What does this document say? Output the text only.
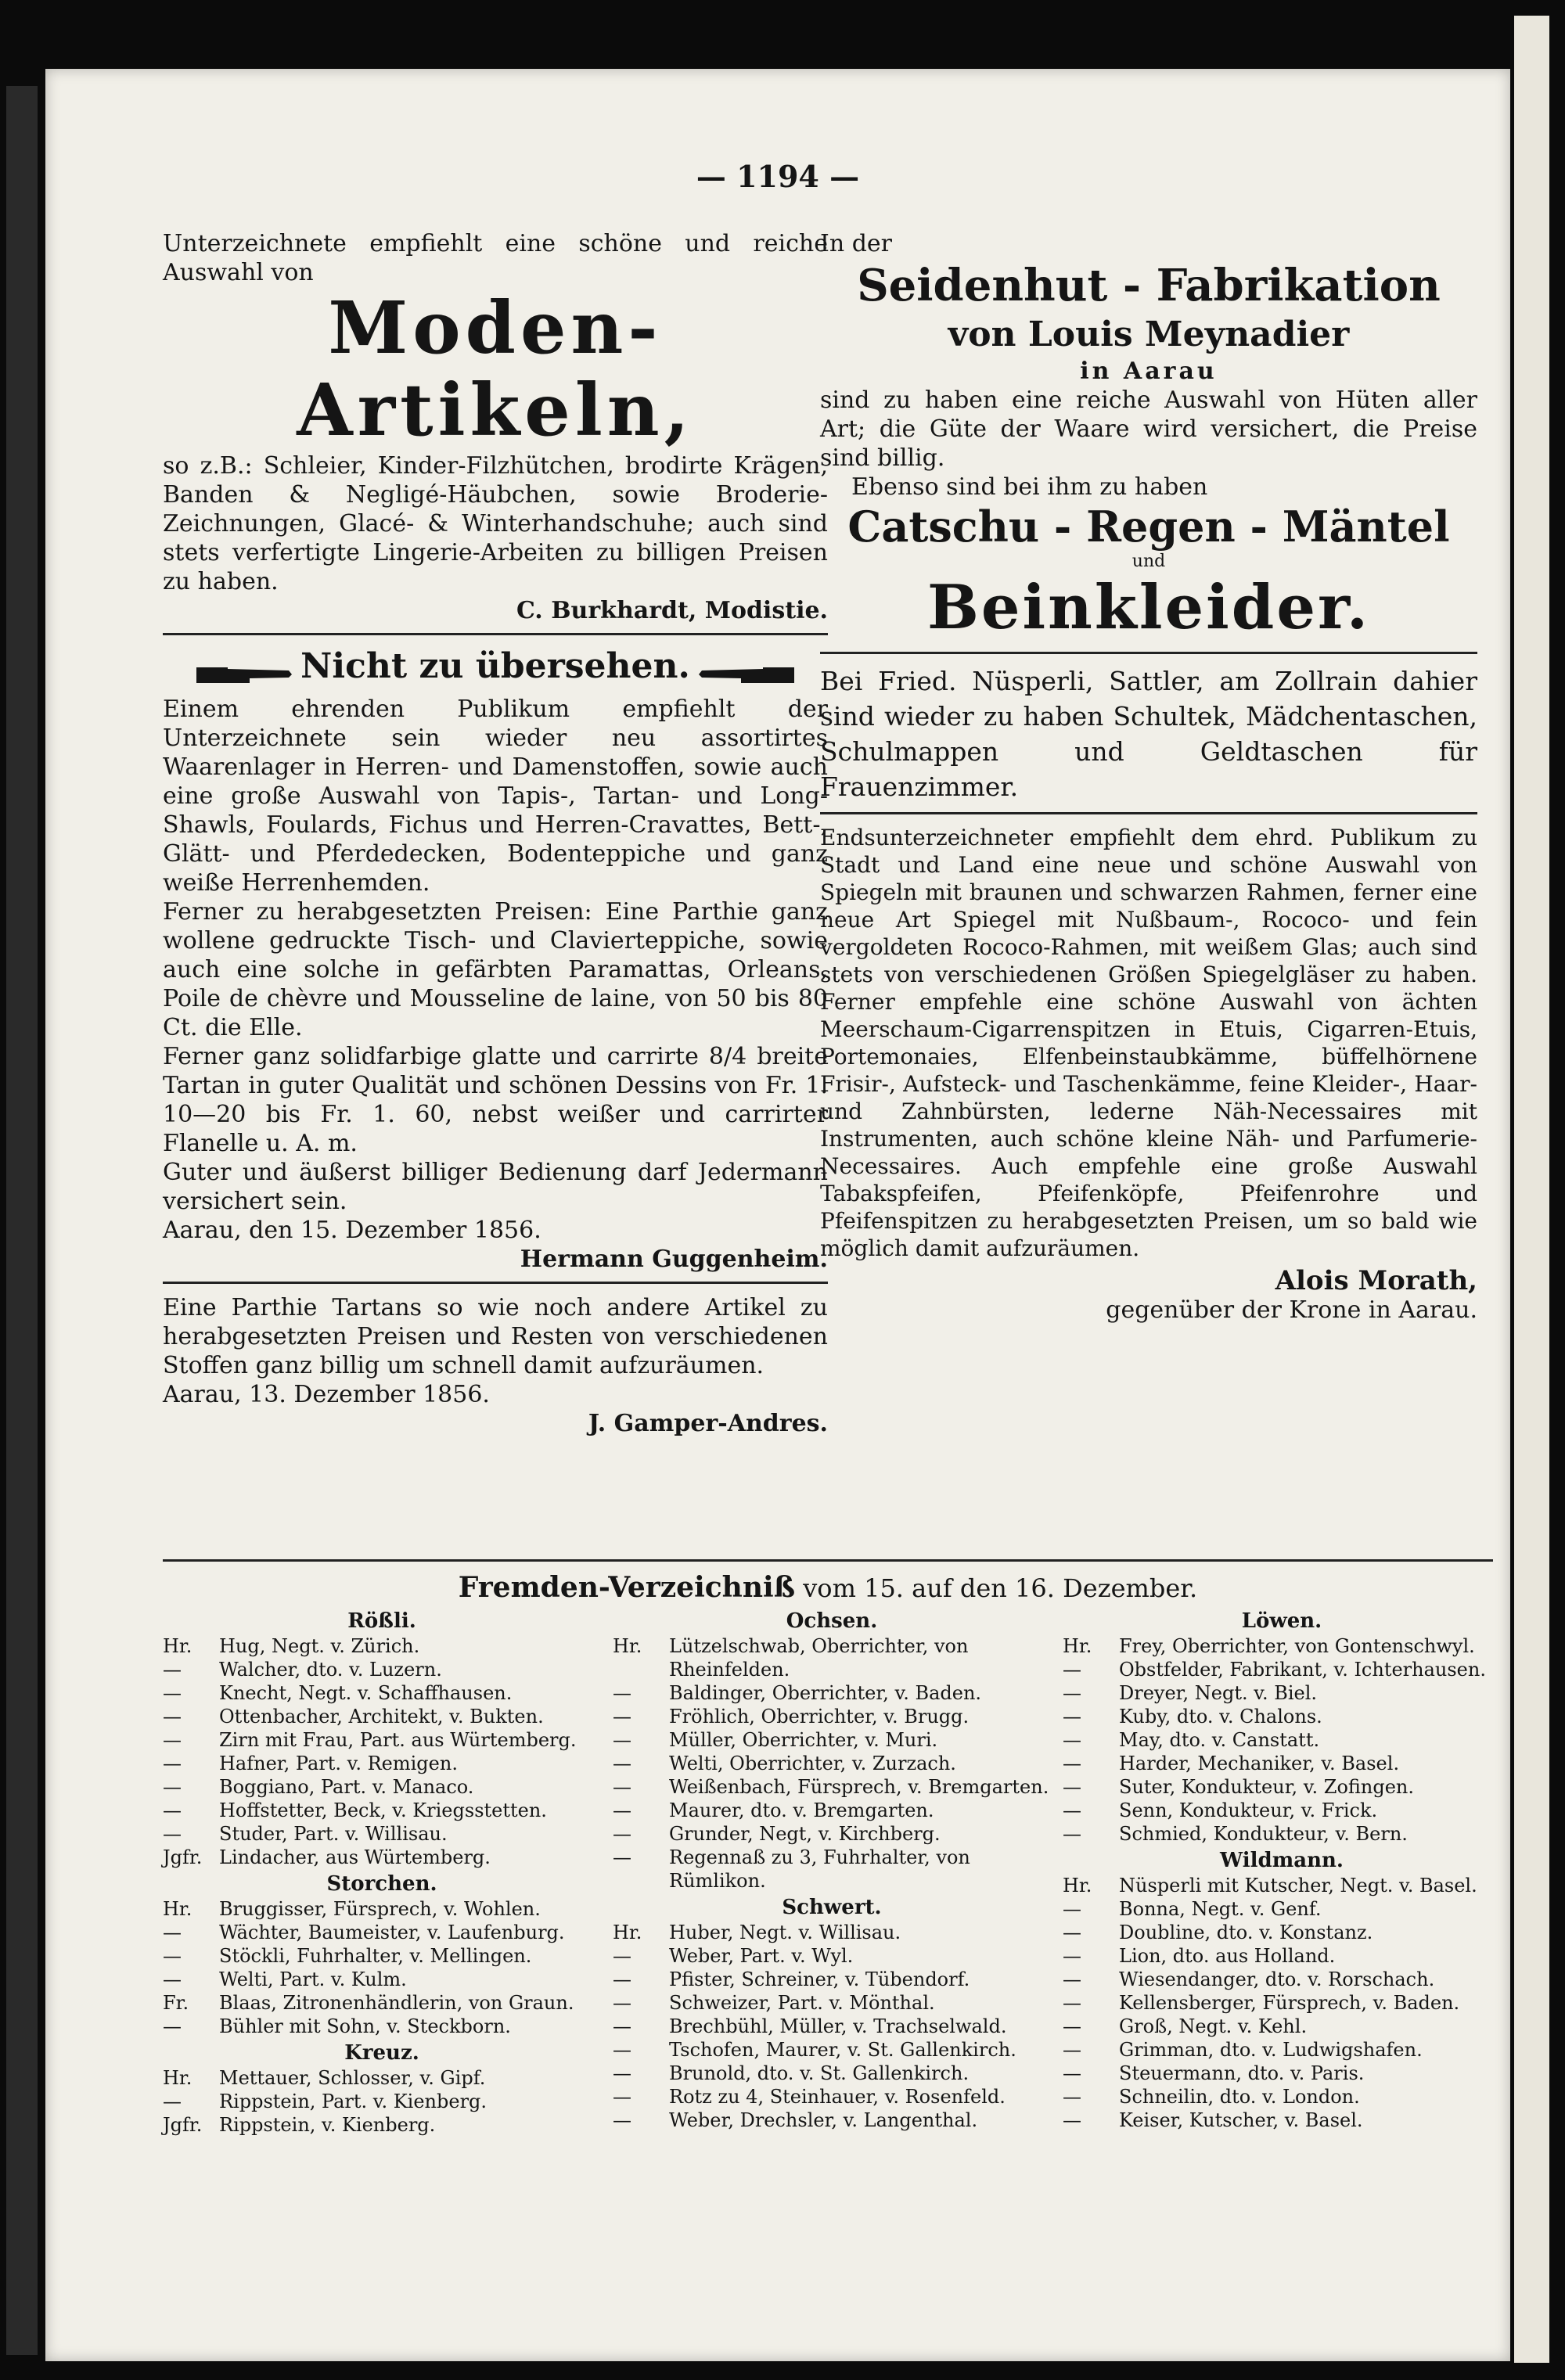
— 1194 —

Unterzeichnete empfiehlt eine schöne und reiche Auswahl von

Moden-Artikeln,

so z.B.: Schleier, Kinder-Filzhütchen, brodirte Krägen, Banden & Negligé-Häubchen, sowie Broderie-Zeichnungen, Glacé- & Winterhandschuhe; auch sind stets verfertigte Lingerie-Arbeiten zu billigen Preisen zu haben.

C. Burkhardt, Modistie.

Nicht zu übersehen.

Einem ehrenden Publikum empfiehlt der Unterzeichnete sein wieder neu assortirtes Waarenlager in Herren- und Damenstoffen, sowie auch eine große Auswahl von Tapis-, Tartan- und Long-Shawls, Foulards, Fichus und Herren-Cravattes, Bett-, Glätt- und Pferdedecken, Bodenteppiche und ganz weiße Herrenhemden.

Ferner zu herabgesetzten Preisen: Eine Parthie ganz wollene gedruckte Tisch- und Clavierteppiche, sowie auch eine solche in gefärbten Paramattas, Orleans, Poile de chèvre und Mousseline de laine, von 50 bis 80 Ct. die Elle.

Ferner ganz solidfarbige glatte und carrirte 8/4 breite Tartan in guter Qualität und schönen Dessins von Fr. 1. 10—20 bis Fr. 1. 60, nebst weißer und carrirter Flanelle u. A. m.

Guter und äußerst billiger Bedienung darf Jedermann versichert sein.

Aarau, den 15. Dezember 1856.

Hermann Guggenheim.

Eine Parthie Tartans so wie noch andere Artikel zu herabgesetzten Preisen und Resten von verschiedenen Stoffen ganz billig um schnell damit aufzuräumen.

Aarau, 13. Dezember 1856.

J. Gamper-Andres.

In der

Seidenhut - Fabrikation
von Louis Meynadier

in Aarau

sind zu haben eine reiche Auswahl von Hüten aller Art; die Güte der Waare wird versichert, die Preise sind billig.

Ebenso sind bei ihm zu haben

Catschu - Regen - Mäntel

und

Beinkleider.

Bei Fried. Nüsperli, Sattler, am Zollrain dahier sind wieder zu haben Schultek, Mädchentaschen, Schulmappen und Geldtaschen für Frauenzimmer.

Endsunterzeichneter empfiehlt dem ehrd. Publikum zu Stadt und Land eine neue und schöne Auswahl von Spiegeln mit braunen und schwarzen Rahmen, ferner eine neue Art Spiegel mit Nußbaum-, Rococo- und fein vergoldeten Rococo-Rahmen, mit weißem Glas; auch sind stets von verschiedenen Größen Spiegelgläser zu haben. Ferner empfehle eine schöne Auswahl von ächten Meerschaum-Cigarrenspitzen in Etuis, Cigarren-Etuis, Portemonaies, Elfenbeinstaubkämme, büffelhörnene Frisir-, Aufsteck- und Taschenkämme, feine Kleider-, Haar- und Zahnbürsten, lederne Näh-Necessaires mit Instrumenten, auch schöne kleine Näh- und Parfumerie-Necessaires. Auch empfehle eine große Auswahl Tabakspfeifen, Pfeifenköpfe, Pfeifenrohre und Pfeifenspitzen zu herabgesetzten Preisen, um so bald wie möglich damit aufzuräumen.

Alois Morath,

gegenüber der Krone in Aarau.

Fremden-Verzeichniß vom 15. auf den 16. Dezember.
Rößli.
Hr. Hug, Negt. v. Zürich.
— Walcher, dto. v. Luzern.
— Knecht, Negt. v. Schaffhausen.
— Ottenbacher, Architekt, v. Bukten.
— Zirn mit Frau, Part. aus Würtemberg.
— Hafner, Part. v. Remigen.
— Boggiano, Part. v. Manaco.
— Hoffstetter, Beck, v. Kriegsstetten.
— Studer, Part. v. Willisau.
Jgfr. Lindacher, aus Würtemberg.
Storchen.
Hr. Bruggisser, Fürsprech, v. Wohlen.
— Wächter, Baumeister, v. Laufenburg.
— Stöckli, Fuhrhalter, v. Mellingen.
— Welti, Part. v. Kulm.
Fr. Blaas, Zitronenhändlerin, von Graun.
— Bühler mit Sohn, v. Steckborn.
Kreuz.
Hr. Mettauer, Schlosser, v. Gipf.
— Rippstein, Part. v. Kienberg.
Jgfr. Rippstein, v. Kienberg.
Ochsen.
Hr. Lützelschwab, Oberrichter, von Rheinfelden.
— Baldinger, Oberrichter, v. Baden.
— Fröhlich, Oberrichter, v. Brugg.
— Müller, Oberrichter, v. Muri.
— Welti, Oberrichter, v. Zurzach.
— Weißenbach, Fürsprech, v. Bremgarten.
— Maurer, dto. v. Bremgarten.
— Grunder, Negt, v. Kirchberg.
— Regennaß zu 3, Fuhrhalter, von Rümlikon.
Schwert.
Hr. Huber, Negt. v. Willisau.
— Weber, Part. v. Wyl.
— Pfister, Schreiner, v. Tübendorf.
— Schweizer, Part. v. Mönthal.
— Brechbühl, Müller, v. Trachselwald.
— Tschofen, Maurer, v. St. Gallenkirch.
— Brunold, dto. v. St. Gallenkirch.
— Rotz zu 4, Steinhauer, v. Rosenfeld.
— Weber, Drechsler, v. Langenthal.
Löwen.
Hr. Frey, Oberrichter, von Gontenschwyl.
— Obstfelder, Fabrikant, v. Ichterhausen.
— Dreyer, Negt. v. Biel.
— Kuby, dto. v. Chalons.
— May, dto. v. Canstatt.
— Harder, Mechaniker, v. Basel.
— Suter, Kondukteur, v. Zofingen.
— Senn, Kondukteur, v. Frick.
— Schmied, Kondukteur, v. Bern.
Wildmann.
Hr. Nüsperli mit Kutscher, Negt. v. Basel.
— Bonna, Negt. v. Genf.
— Doubline, dto. v. Konstanz.
— Lion, dto. aus Holland.
— Wiesendanger, dto. v. Rorschach.
— Kellensberger, Fürsprech, v. Baden.
— Groß, Negt. v. Kehl.
— Grimman, dto. v. Ludwigshafen.
— Steuermann, dto. v. Paris.
— Schneilin, dto. v. London.
— Keiser, Kutscher, v. Basel.
